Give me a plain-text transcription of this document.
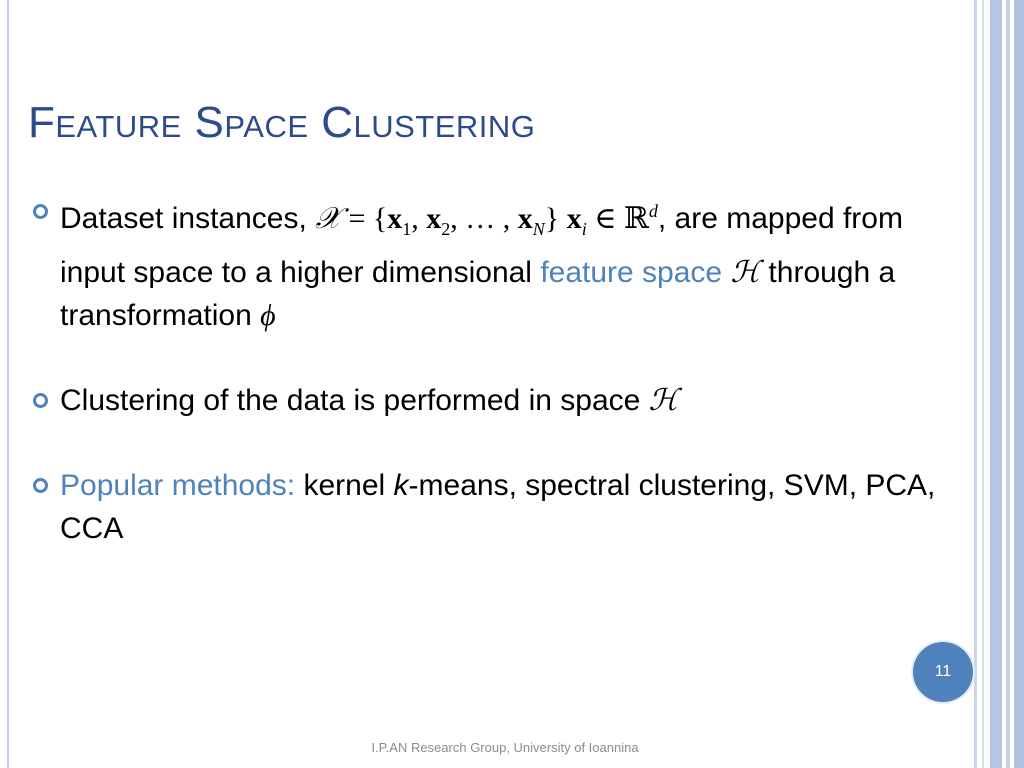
Feature Space Clustering
Dataset instances, 𝒳 = {$x_1$, $x_2$, … , $x_N$} $x_i$ ∈ ℝ$^d$, are mapped from input space to a higher dimensional feature space ℋ through a transformation ϕ
Clustering of the data is performed in space ℋ
Popular methods: kernel k-means, spectral clustering, SVM, PCA, CCA
11
I.P.AN Research Group, University of Ioannina
